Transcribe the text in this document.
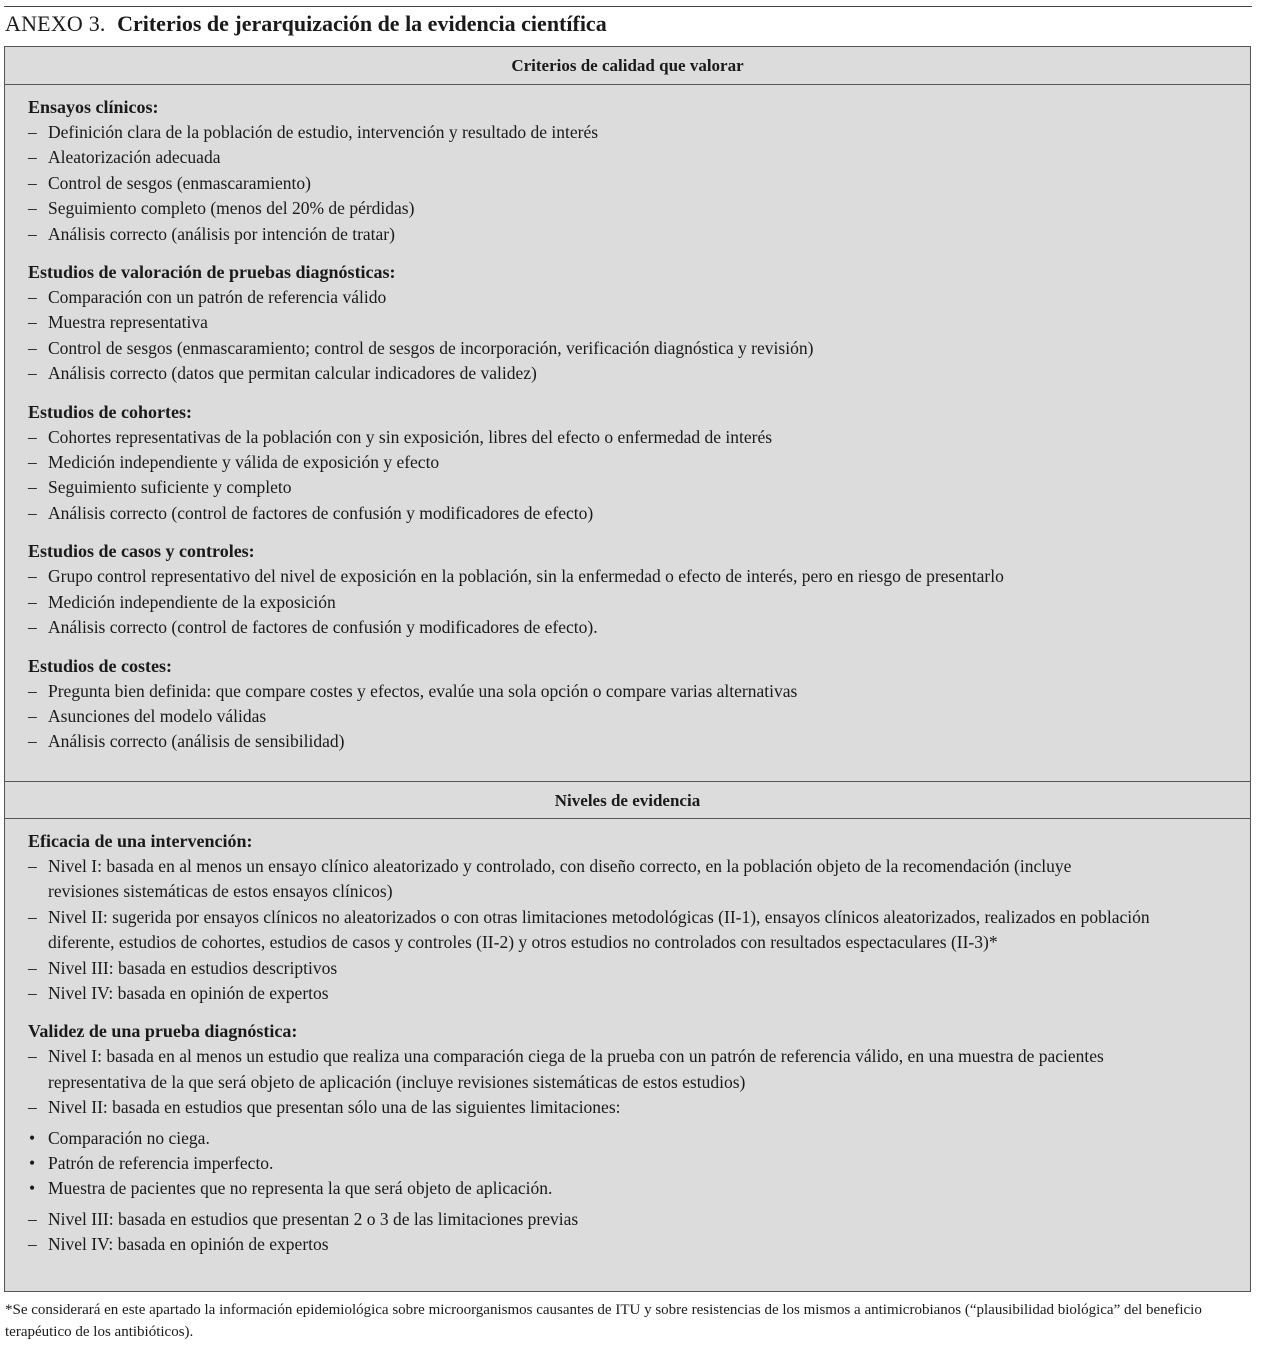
ANEXO 3. Criterios de jerarquización de la evidencia científica
Criterios de calidad que valorar
Ensayos clínicos:
– Definición clara de la población de estudio, intervención y resultado de interés
– Aleatorización adecuada
– Control de sesgos (enmascaramiento)
– Seguimiento completo (menos del 20% de pérdidas)
– Análisis correcto (análisis por intención de tratar)
Estudios de valoración de pruebas diagnósticas:
– Comparación con un patrón de referencia válido
– Muestra representativa
– Control de sesgos (enmascaramiento; control de sesgos de incorporación, verificación diagnóstica y revisión)
– Análisis correcto (datos que permitan calcular indicadores de validez)
Estudios de cohortes:
– Cohortes representativas de la población con y sin exposición, libres del efecto o enfermedad de interés
– Medición independiente y válida de exposición y efecto
– Seguimiento suficiente y completo
– Análisis correcto (control de factores de confusión y modificadores de efecto)
Estudios de casos y controles:
– Grupo control representativo del nivel de exposición en la población, sin la enfermedad o efecto de interés, pero en riesgo de presentarlo
– Medición independiente de la exposición
– Análisis correcto (control de factores de confusión y modificadores de efecto).
Estudios de costes:
– Pregunta bien definida: que compare costes y efectos, evalúe una sola opción o compare varias alternativas
– Asunciones del modelo válidas
– Análisis correcto (análisis de sensibilidad)
Niveles de evidencia
Eficacia de una intervención:
– Nivel I: basada en al menos un ensayo clínico aleatorizado y controlado, con diseño correcto, en la población objeto de la recomendación (incluye revisiones sistemáticas de estos ensayos clínicos)
– Nivel II: sugerida por ensayos clínicos no aleatorizados o con otras limitaciones metodológicas (II-1), ensayos clínicos aleatorizados, realizados en población diferente, estudios de cohortes, estudios de casos y controles (II-2) y otros estudios no controlados con resultados espectaculares (II-3)*
– Nivel III: basada en estudios descriptivos
– Nivel IV: basada en opinión de expertos
Validez de una prueba diagnóstica:
– Nivel I: basada en al menos un estudio que realiza una comparación ciega de la prueba con un patrón de referencia válido, en una muestra de pacientes representativa de la que será objeto de aplicación (incluye revisiones sistemáticas de estos estudios)
– Nivel II: basada en estudios que presentan sólo una de las siguientes limitaciones:
• Comparación no ciega.
• Patrón de referencia imperfecto.
• Muestra de pacientes que no representa la que será objeto de aplicación.
– Nivel III: basada en estudios que presentan 2 o 3 de las limitaciones previas
– Nivel IV: basada en opinión de expertos
*Se considerará en este apartado la información epidemiológica sobre microorganismos causantes de ITU y sobre resistencias de los mismos a antimicrobianos (“plausibilidad biológica” del beneficio terapéutico de los antibióticos).
